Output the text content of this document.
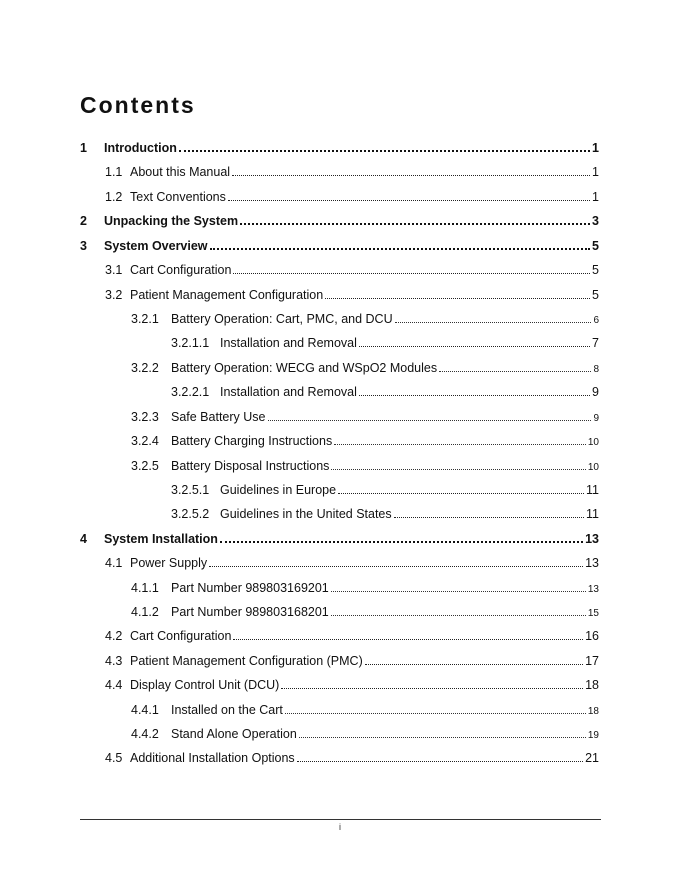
Contents
1	Introduction	1
1.1 About this Manual	1
1.2 Text Conventions	1
2	Unpacking the System	3
3	System Overview	5
3.1 Cart Configuration	5
3.2 Patient Management Configuration	5
3.2.1 Battery Operation: Cart, PMC, and DCU	6
3.2.1.1 Installation and Removal	7
3.2.2 Battery Operation: WECG and WSpO2 Modules	8
3.2.2.1 Installation and Removal	9
3.2.3 Safe Battery Use	9
3.2.4 Battery Charging Instructions	10
3.2.5 Battery Disposal Instructions	10
3.2.5.1 Guidelines in Europe	11
3.2.5.2 Guidelines in the United States	11
4	System Installation	13
4.1 Power Supply	13
4.1.1 Part Number 989803169201	13
4.1.2 Part Number 989803168201	15
4.2 Cart Configuration	16
4.3 Patient Management Configuration (PMC)	17
4.4 Display Control Unit (DCU)	18
4.4.1 Installed on the Cart	18
4.4.2 Stand Alone Operation	19
4.5 Additional Installation Options	21
i
